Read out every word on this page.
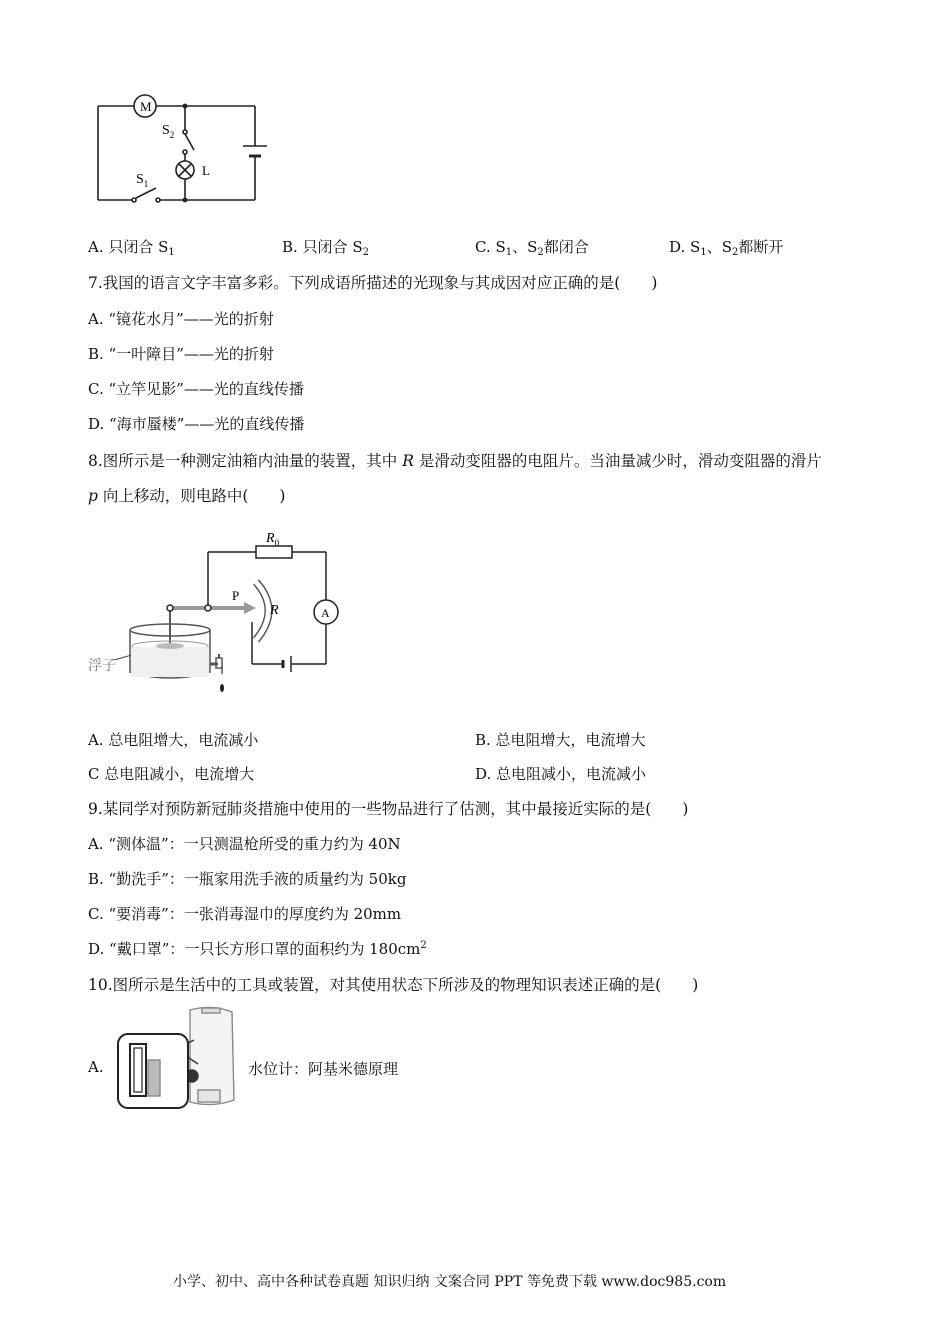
M
$S_2$
L
$S_1$
A. 只闭合 $S_1$	B. 只闭合 $S_2$	C. $S_1$、$S_2$都闭合	D. $S_1$、$S_2$都断开
7.我国的语言文字丰富多彩。下列成语所描述的光现象与其成因对应正确的是(　　)
A. “镜花水月”——光的折射
B. “一叶障目”——光的折射
C. “立竿见影”——光的直线传播
D. “海市蜃楼”——光的直线传播
8.图所示是一种测定油箱内油量的装置，其中 R 是滑动变阻器的电阻片。当油量减少时，滑动变阻器的滑片
p 向上移动，则电路中(　　)
$R_0$
P
R	A
浮子
A. 总电阻增大，电流减小	B. 总电阻增大，电流增大
C 总电阻减小，电流增大	D. 总电阻减小，电流减小
9.某同学对预防新冠肺炎措施中使用的一些物品进行了估测，其中最接近实际的是(　　)
A. “测体温”：一只测温枪所受的重力约为 40N
B. “勤洗手”：一瓶家用洗手液的质量约为 50kg
C. “要消毒”：一张消毒湿巾的厚度约为 20mm
D. “戴口罩”：一只长方形口罩的面积约为 $180cm^2$
10.图所示是生活中的工具或装置，对其使用状态下所涉及的物理知识表述正确的是(　　)
A.	水位计：阿基米德原理
小学、初中、高中各种试卷真题 知识归纳 文案合同 PPT 等免费下载 www.doc985.com
